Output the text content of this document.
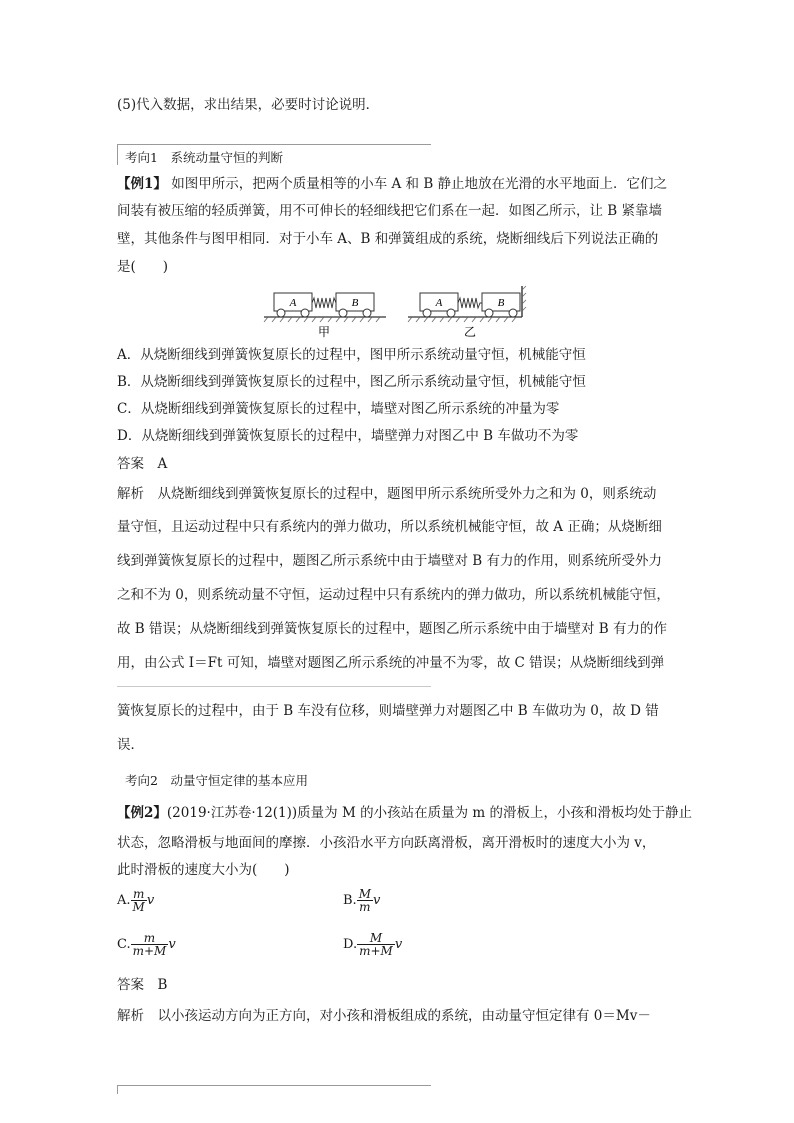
(5)代入数据，求出结果，必要时讨论说明．
考向1　系统动量守恒的判断
【例1】 如图甲所示，把两个质量相等的小车 A 和 B 静止地放在光滑的水平地面上．它们之
间装有被压缩的轻质弹簧，用不可伸长的轻细线把它们系在一起．如图乙所示，让 B 紧靠墙
壁，其他条件与图甲相同．对于小车 A、B 和弹簧组成的系统，烧断细线后下列说法正确的
是(　　)
A	B
甲
A	B
乙
A．从烧断细线到弹簧恢复原长的过程中，图甲所示系统动量守恒，机械能守恒
B．从烧断细线到弹簧恢复原长的过程中，图乙所示系统动量守恒，机械能守恒
C．从烧断细线到弹簧恢复原长的过程中，墙壁对图乙所示系统的冲量为零
D．从烧断细线到弹簧恢复原长的过程中，墙壁弹力对图乙中 B 车做功不为零
答案　A
解析　从烧断细线到弹簧恢复原长的过程中，题图甲所示系统所受外力之和为 0，则系统动
量守恒，且运动过程中只有系统内的弹力做功，所以系统机械能守恒，故 A 正确；从烧断细
线到弹簧恢复原长的过程中，题图乙所示系统中由于墙壁对 B 有力的作用，则系统所受外力
之和不为 0，则系统动量不守恒，运动过程中只有系统内的弹力做功，所以系统机械能守恒，
故 B 错误；从烧断细线到弹簧恢复原长的过程中，题图乙所示系统中由于墙壁对 B 有力的作
用，由公式 I＝Ft 可知，墙壁对题图乙所示系统的冲量不为零，故 C 错误；从烧断细线到弹
簧恢复原长的过程中，由于 B 车没有位移，则墙壁弹力对题图乙中 B 车做功为 0，故 D 错
误．
考向2　动量守恒定律的基本应用
【例2】(2019·江苏卷·12(1))质量为 M 的小孩站在质量为 m 的滑板上，小孩和滑板均处于静止
状态，忽略滑板与地面间的摩擦．小孩沿水平方向跃离滑板，离开滑板时的速度大小为 v，
此时滑板的速度大小为(　　)
A. $\frac{m}{M}$ v	B. $\frac{M}{m}$ v
C. $\frac{m}{m+M}$ v	D. $\frac{M}{m+M}$ v
答案　B
解析　以小孩运动方向为正方向，对小孩和滑板组成的系统，由动量守恒定律有 0＝Mv－
